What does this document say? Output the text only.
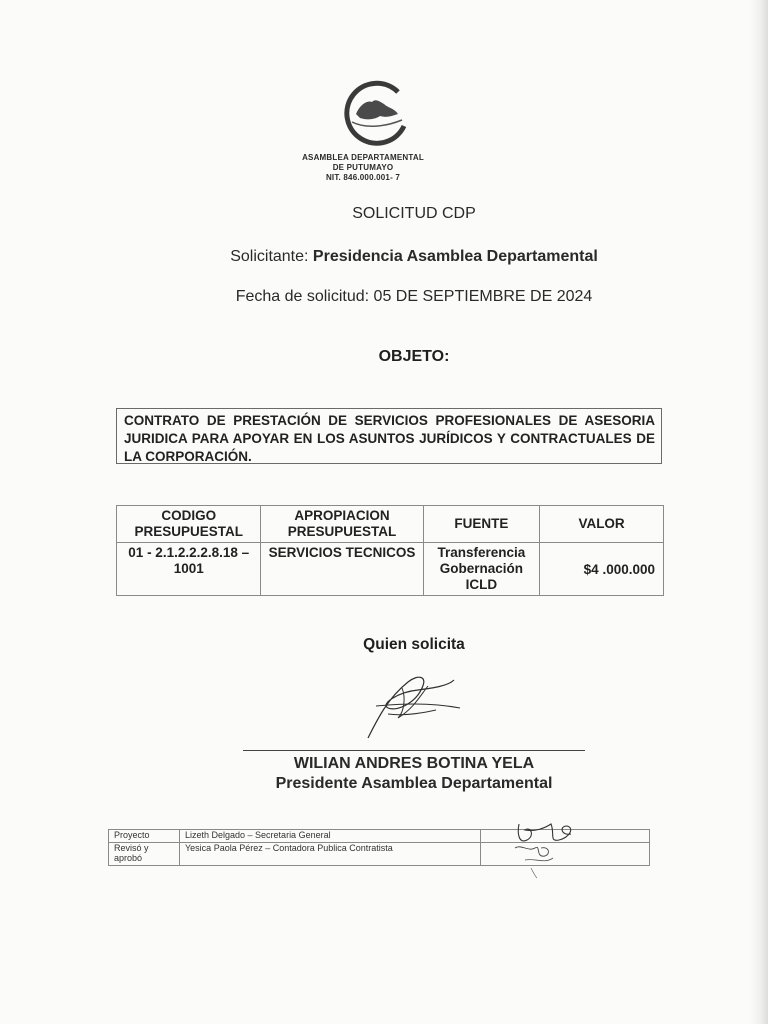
ASAMBLEA DEPARTAMENTAL
DE PUTUMAYO
NIT. 846.000.001- 7
SOLICITUD CDP
Solicitante: Presidencia Asamblea Departamental
Fecha de solicitud: 05 DE SEPTIEMBRE DE 2024
OBJETO:
CONTRATO DE PRESTACIÓN DE SERVICIOS PROFESIONALES DE ASESORIA JURIDICA PARA APOYAR EN LOS ASUNTOS JURÍDICOS Y CONTRACTUALES DE LA CORPORACIÓN.
CODIGO PRESUPUESTAL	APROPIACION PRESUPUESTAL	FUENTE	VALOR
01 - 2.1.2.2.2.8.18 – 1001	SERVICIOS TECNICOS	Transferencia Gobernación ICLD	$4 .000.000
Quien solicita
WILIAN ANDRES BOTINA YELA
Presidente Asamblea Departamental
Proyecto	Lizeth Delgado – Secretaria General	
Revisó y aprobó	Yesica Paola Pérez – Contadora Publica Contratista	
